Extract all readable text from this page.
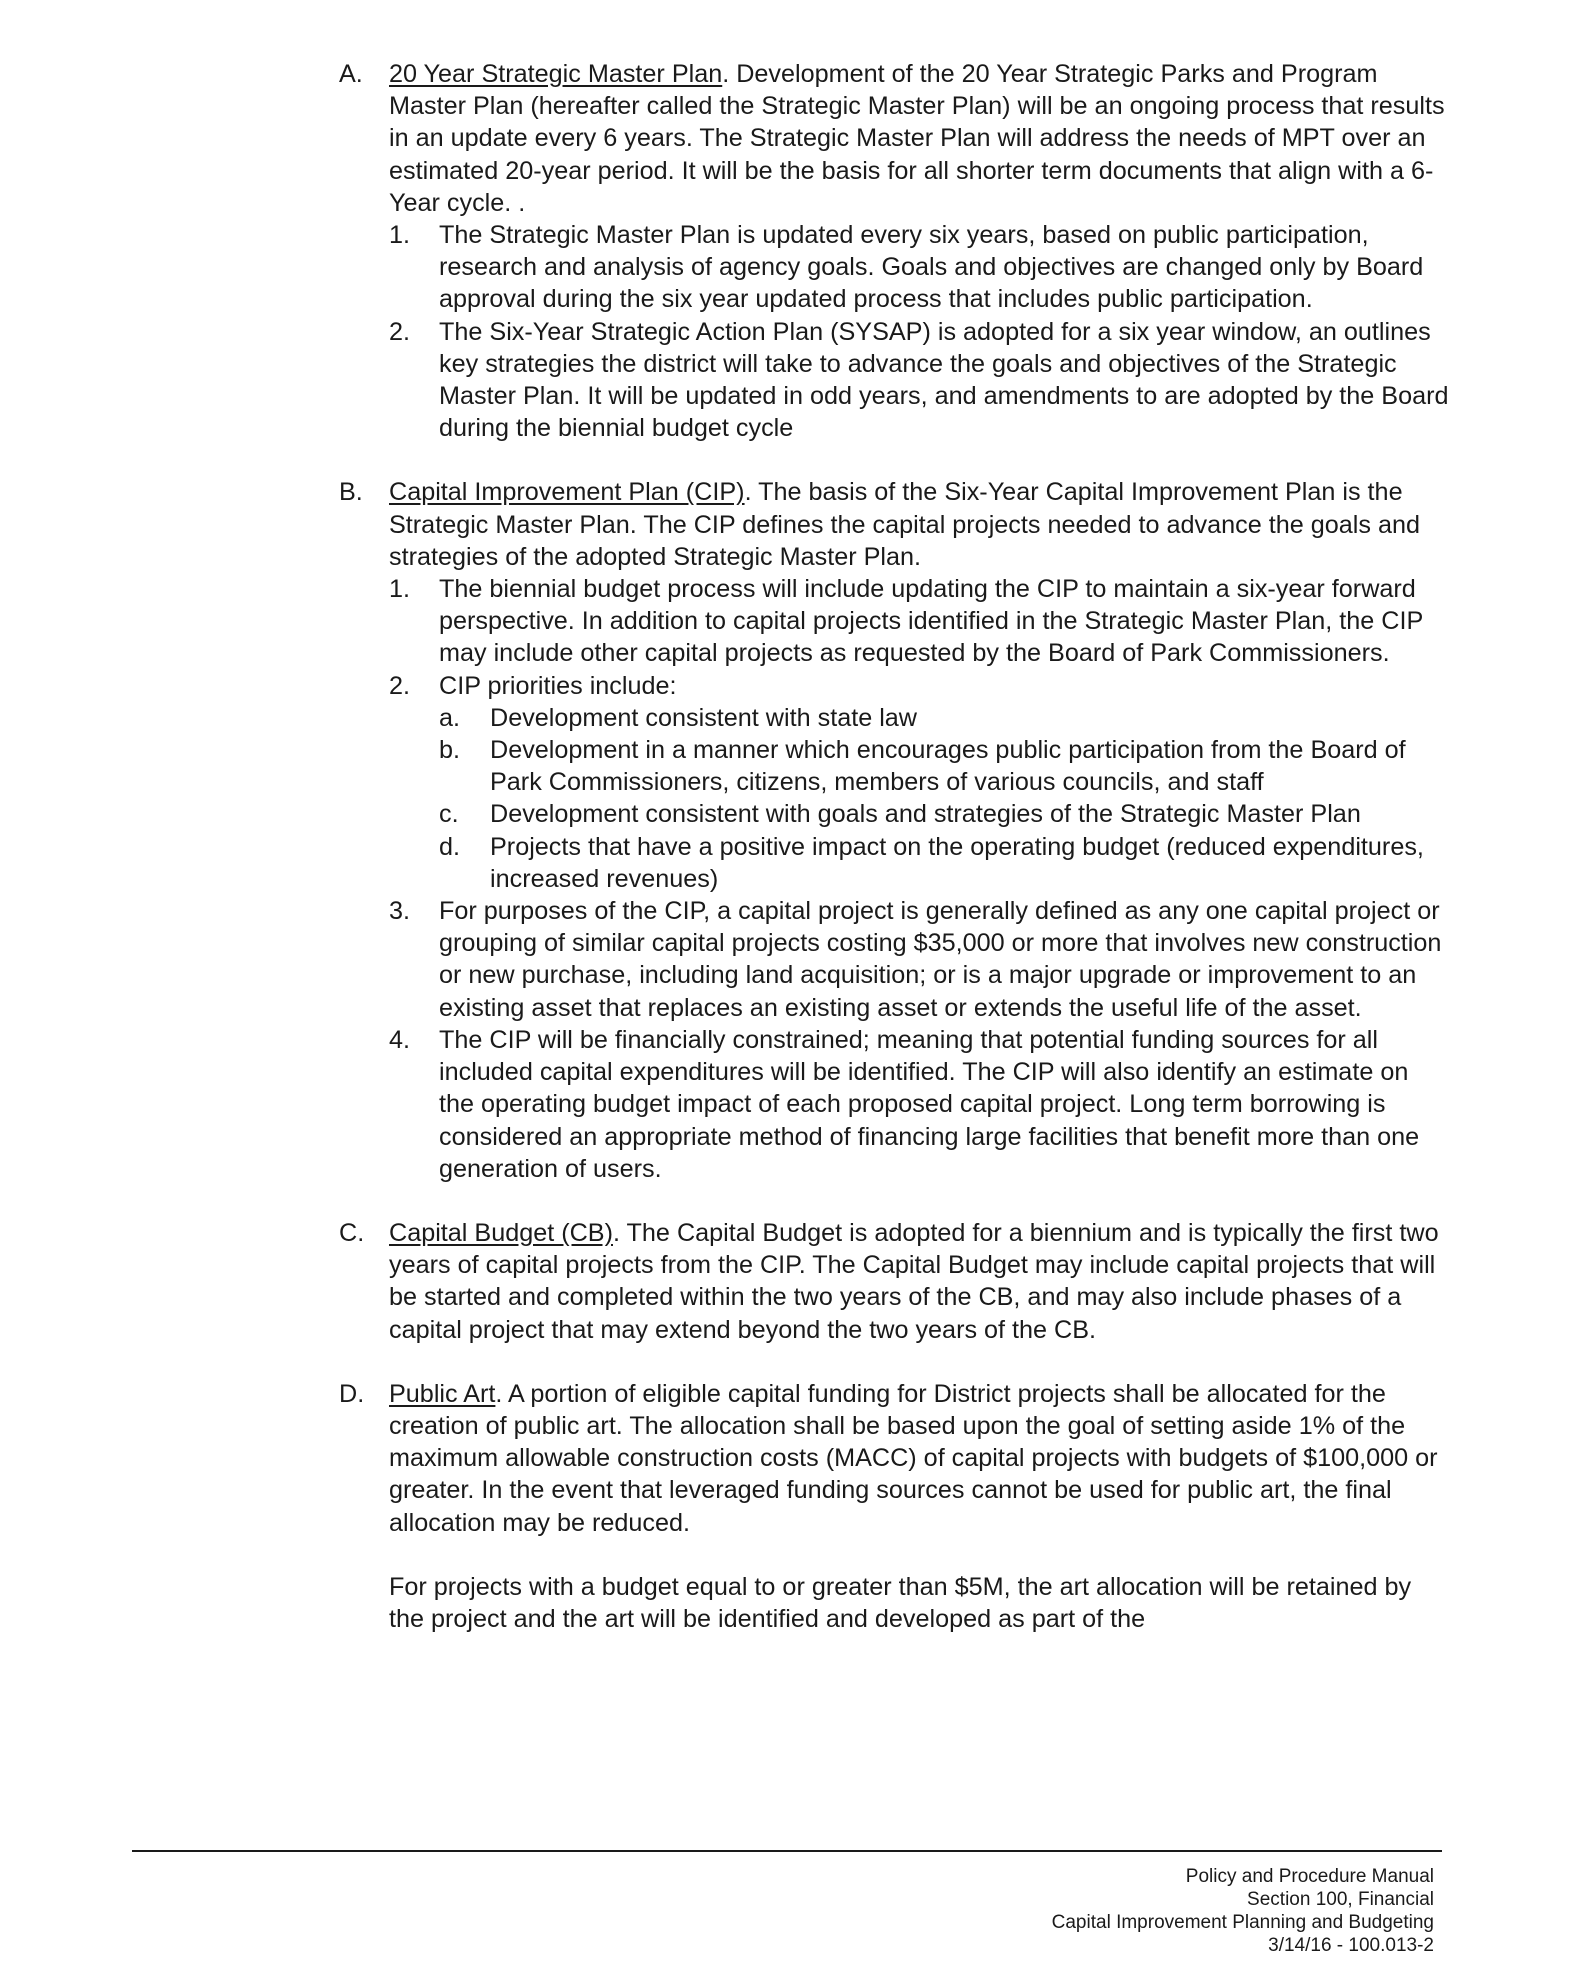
A. 20 Year Strategic Master Plan. Development of the 20 Year Strategic Parks and Program Master Plan (hereafter called the Strategic Master Plan) will be an ongoing process that results in an update every 6 years. The Strategic Master Plan will address the needs of MPT over an estimated 20-year period. It will be the basis for all shorter term documents that align with a 6-Year cycle. .
1. The Strategic Master Plan is updated every six years, based on public participation, research and analysis of agency goals. Goals and objectives are changed only by Board approval during the six year updated process that includes public participation.
2. The Six-Year Strategic Action Plan (SYSAP) is adopted for a six year window, an outlines key strategies the district will take to advance the goals and objectives of the Strategic Master Plan. It will be updated in odd years, and amendments to are adopted by the Board during the biennial budget cycle
B. Capital Improvement Plan (CIP). The basis of the Six-Year Capital Improvement Plan is the Strategic Master Plan. The CIP defines the capital projects needed to advance the goals and strategies of the adopted Strategic Master Plan.
1. The biennial budget process will include updating the CIP to maintain a six-year forward perspective. In addition to capital projects identified in the Strategic Master Plan, the CIP may include other capital projects as requested by the Board of Park Commissioners.
2. CIP priorities include:
a. Development consistent with state law
b. Development in a manner which encourages public participation from the Board of Park Commissioners, citizens, members of various councils, and staff
c. Development consistent with goals and strategies of the Strategic Master Plan
d. Projects that have a positive impact on the operating budget (reduced expenditures, increased revenues)
3. For purposes of the CIP, a capital project is generally defined as any one capital project or grouping of similar capital projects costing $35,000 or more that involves new construction or new purchase, including land acquisition; or is a major upgrade or improvement to an existing asset that replaces an existing asset or extends the useful life of the asset.
4. The CIP will be financially constrained; meaning that potential funding sources for all included capital expenditures will be identified. The CIP will also identify an estimate on the operating budget impact of each proposed capital project. Long term borrowing is considered an appropriate method of financing large facilities that benefit more than one generation of users.
C. Capital Budget (CB). The Capital Budget is adopted for a biennium and is typically the first two years of capital projects from the CIP. The Capital Budget may include capital projects that will be started and completed within the two years of the CB, and may also include phases of a capital project that may extend beyond the two years of the CB.
D. Public Art. A portion of eligible capital funding for District projects shall be allocated for the creation of public art. The allocation shall be based upon the goal of setting aside 1% of the maximum allowable construction costs (MACC) of capital projects with budgets of $100,000 or greater. In the event that leveraged funding sources cannot be used for public art, the final allocation may be reduced.
For projects with a budget equal to or greater than $5M, the art allocation will be retained by the project and the art will be identified and developed as part of the
Policy and Procedure Manual
Section 100, Financial
Capital Improvement Planning and Budgeting
3/14/16 - 100.013-2
